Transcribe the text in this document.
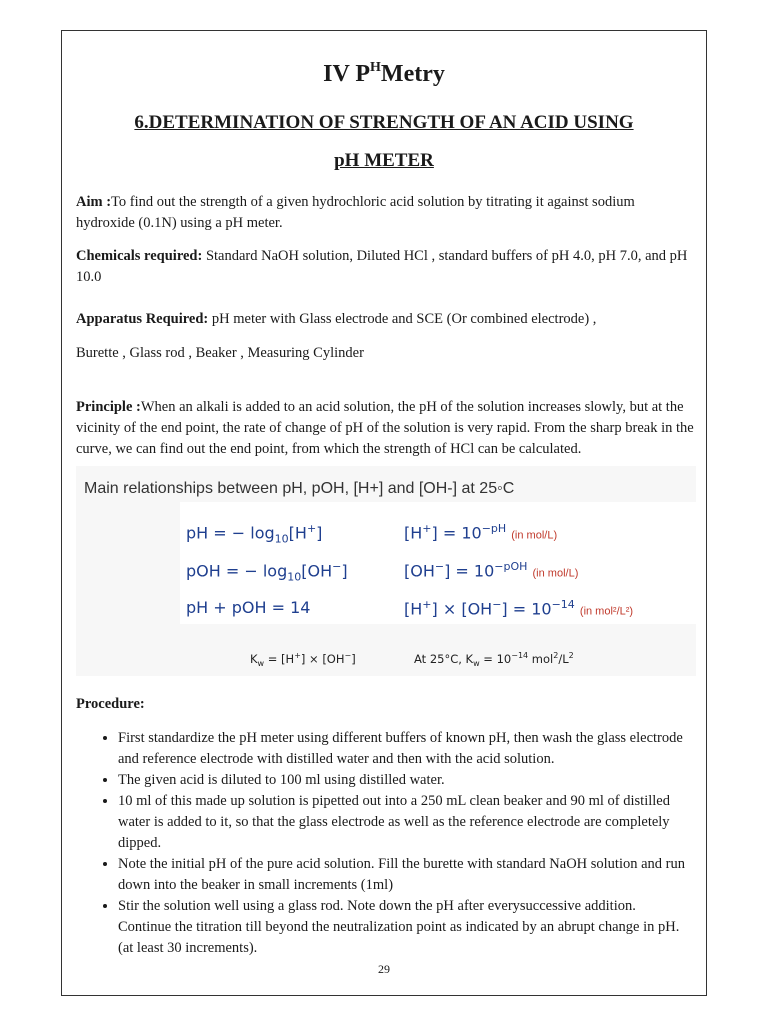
IV $P^HMetry$
6.DETERMINATION OF STRENGTH OF AN ACID USING
pH METER
Aim :To find out the strength of a given hydrochloric acid solution by titrating it against sodium hydroxide (0.1N) using a pH meter.
Chemicals required: Standard NaOH solution, Diluted HCl , standard buffers of pH 4.0, pH 7.0, and pH 10.0
Apparatus Required: pH meter with Glass electrode and SCE (Or combined electrode) ,
Burette , Glass rod , Beaker , Measuring Cylinder
Principle :When an alkali is added to an acid solution, the pH of the solution increases slowly, but at the vicinity of the end point, the rate of change of pH of the solution is very rapid. From the sharp break in the curve, we can find out the end point, from which the strength of HCl can be calculated.
Main relationships between pH, pOH, [H+] and [OH-] at 25◦C
pH = − $\log_{10}[H^+]$	$[H^+] = 10^{-pH}$ (in mol/L)
pOH = − $\log_{10}[OH^-]$	$[OH^-] = 10^{-pOH}$ (in mol/L)
pH + pOH = 14	$[H^+] \times [OH^-] = 10^{-14}$ (in mol²/L²)
$K_w = [H^+] \times [OH^-]$	At 25°C, $K_w = 10^{-14}$ $mol^2/L^2$
Procedure:
• First standardize the pH meter using different buffers of known pH, then wash the glass electrode and reference electrode with distilled water and then with the acid solution.
• The given acid is diluted to 100 ml using distilled water.
• 10 ml of this made up solution is pipetted out into a 250 mL clean beaker and 90 ml of distilled water is added to it, so that the glass electrode as well as the reference electrode are completely dipped.
• Note the initial pH of the pure acid solution. Fill the burette with standard NaOH solution and run down into the beaker in small increments (1ml)
• Stir the solution well using a glass rod. Note down the pH after everysuccessive addition. Continue the titration till beyond the neutralization point as indicated by an abrupt change in pH. (at least 30 increments).
29
